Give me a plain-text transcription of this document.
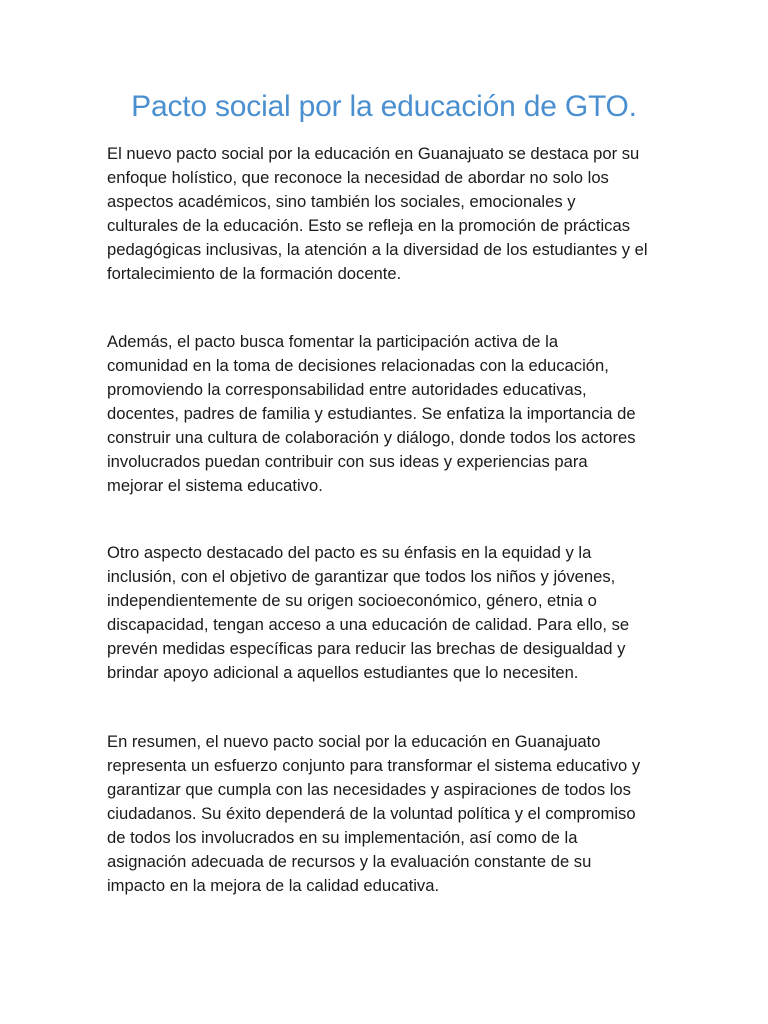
Pacto social por la educación de GTO.

El nuevo pacto social por la educación en Guanajuato se destaca por su
enfoque holístico, que reconoce la necesidad de abordar no solo los
aspectos académicos, sino también los sociales, emocionales y
culturales de la educación. Esto se refleja en la promoción de prácticas
pedagógicas inclusivas, la atención a la diversidad de los estudiantes y el
fortalecimiento de la formación docente.

Además, el pacto busca fomentar la participación activa de la
comunidad en la toma de decisiones relacionadas con la educación,
promoviendo la corresponsabilidad entre autoridades educativas,
docentes, padres de familia y estudiantes. Se enfatiza la importancia de
construir una cultura de colaboración y diálogo, donde todos los actores
involucrados puedan contribuir con sus ideas y experiencias para
mejorar el sistema educativo.

Otro aspecto destacado del pacto es su énfasis en la equidad y la
inclusión, con el objetivo de garantizar que todos los niños y jóvenes,
independientemente de su origen socioeconómico, género, etnia o
discapacidad, tengan acceso a una educación de calidad. Para ello, se
prevén medidas específicas para reducir las brechas de desigualdad y
brindar apoyo adicional a aquellos estudiantes que lo necesiten.

En resumen, el nuevo pacto social por la educación en Guanajuato
representa un esfuerzo conjunto para transformar el sistema educativo y
garantizar que cumpla con las necesidades y aspiraciones de todos los
ciudadanos. Su éxito dependerá de la voluntad política y el compromiso
de todos los involucrados en su implementación, así como de la
asignación adecuada de recursos y la evaluación constante de su
impacto en la mejora de la calidad educativa.
